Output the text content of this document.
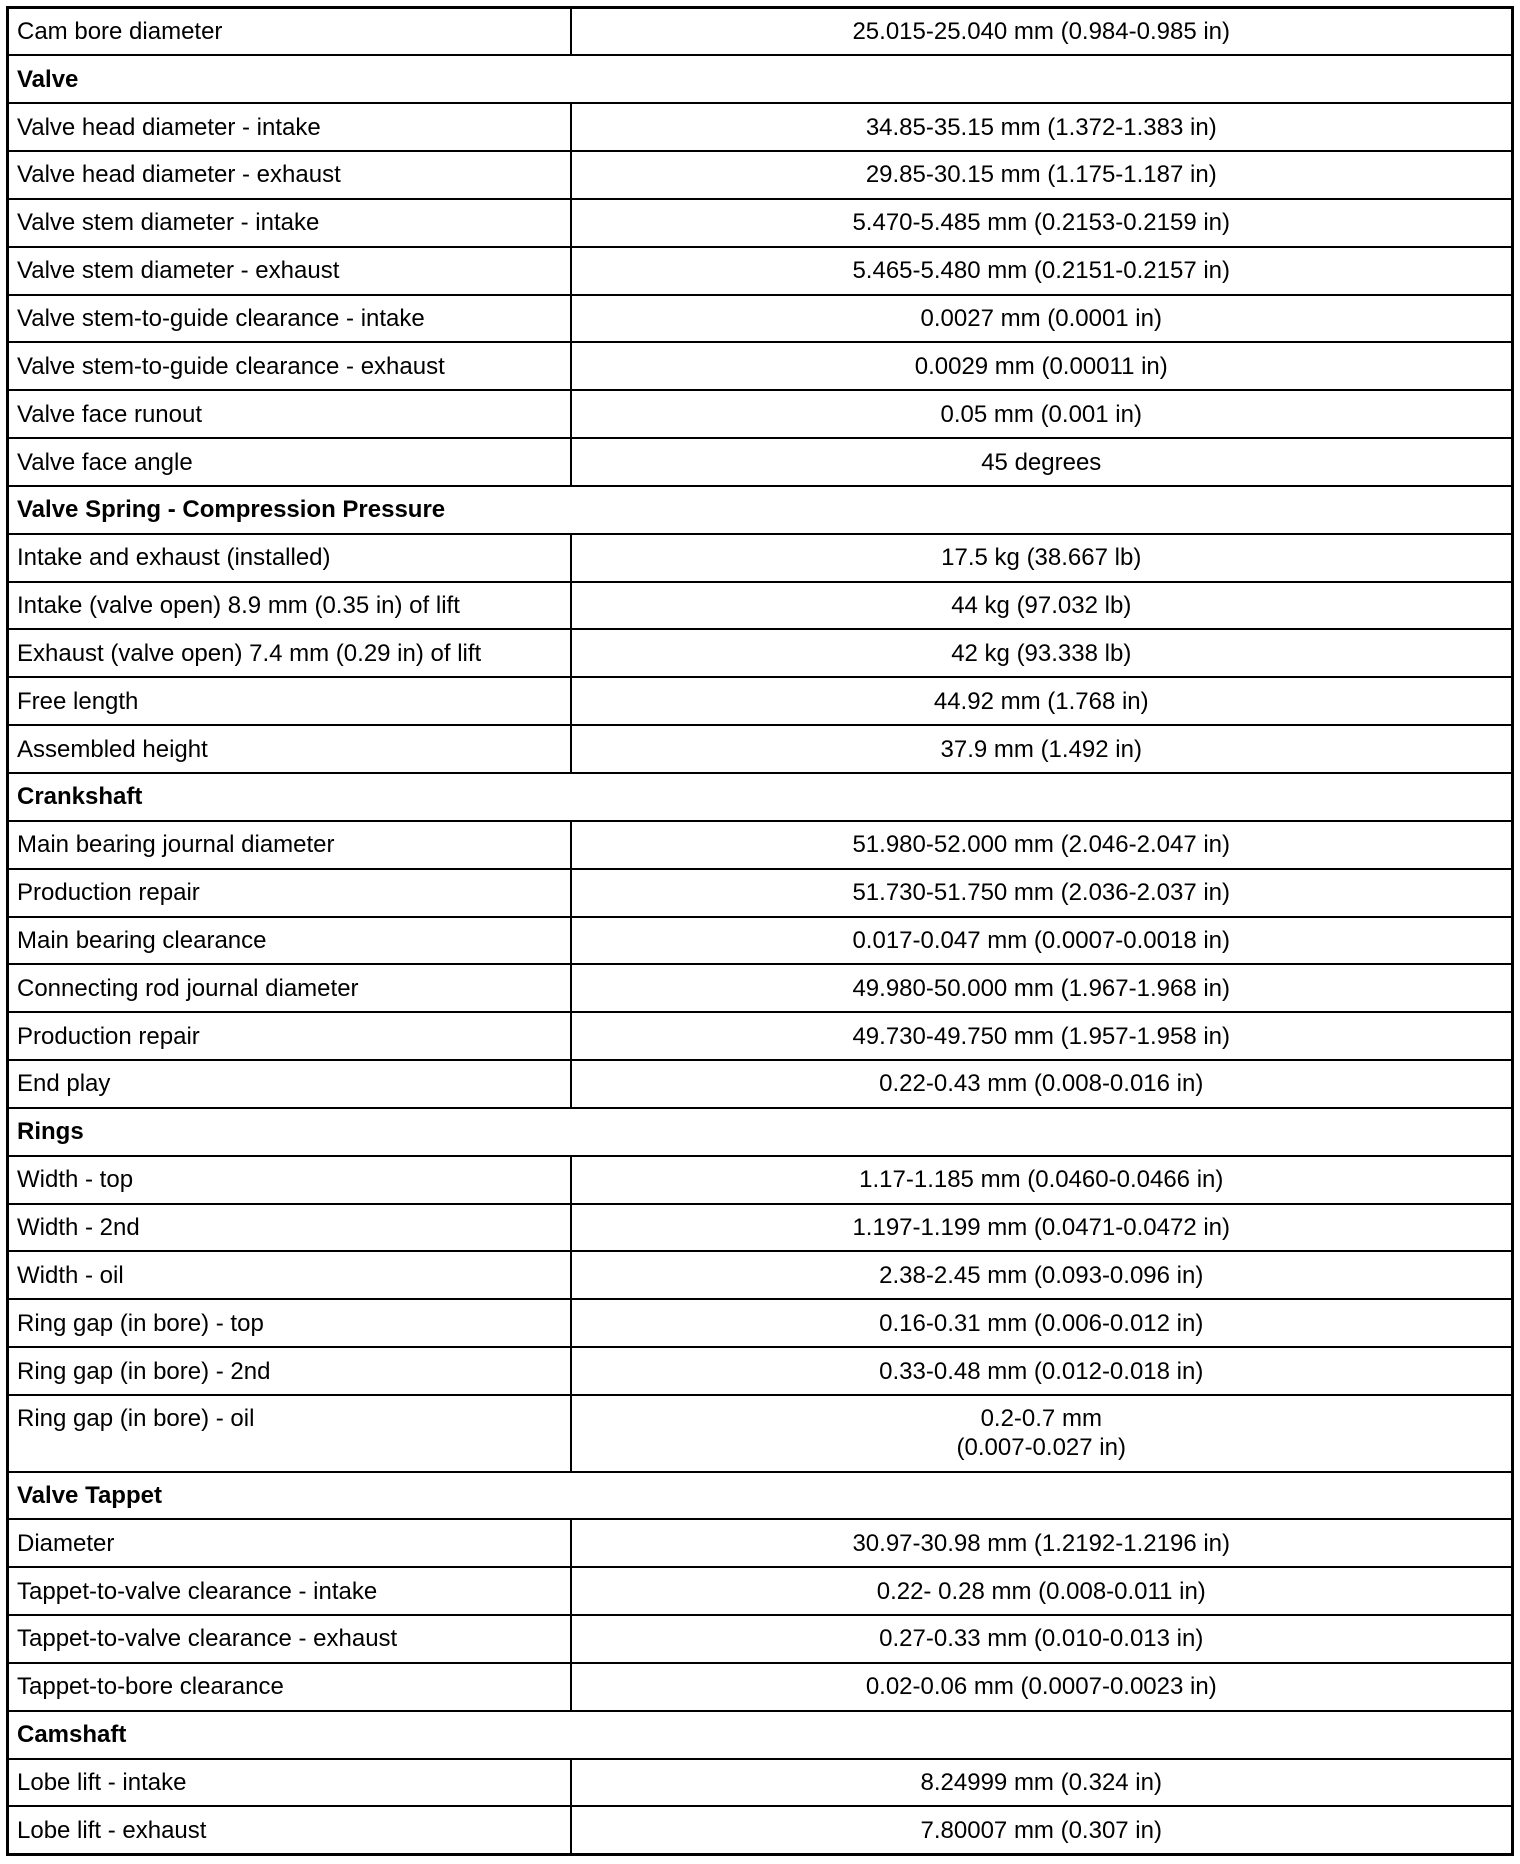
Cam bore diameter	25.015-25.040 mm (0.984-0.985 in)
Valve	
Valve head diameter - intake	34.85-35.15 mm (1.372-1.383 in)
Valve head diameter - exhaust	29.85-30.15 mm (1.175-1.187 in)
Valve stem diameter - intake	5.470-5.485 mm (0.2153-0.2159 in)
Valve stem diameter - exhaust	5.465-5.480 mm (0.2151-0.2157 in)
Valve stem-to-guide clearance - intake	0.0027 mm (0.0001 in)
Valve stem-to-guide clearance - exhaust	0.0029 mm (0.00011 in)
Valve face runout	0.05 mm (0.001 in)
Valve face angle	45 degrees
Valve Spring - Compression Pressure	
Intake and exhaust (installed)	17.5 kg (38.667 lb)
Intake (valve open) 8.9 mm (0.35 in) of lift	44 kg (97.032 lb)
Exhaust (valve open) 7.4 mm (0.29 in) of lift	42 kg (93.338 lb)
Free length	44.92 mm (1.768 in)
Assembled height	37.9 mm (1.492 in)
Crankshaft	
Main bearing journal diameter	51.980-52.000 mm (2.046-2.047 in)
Production repair	51.730-51.750 mm (2.036-2.037 in)
Main bearing clearance	0.017-0.047 mm (0.0007-0.0018 in)
Connecting rod journal diameter	49.980-50.000 mm (1.967-1.968 in)
Production repair	49.730-49.750 mm (1.957-1.958 in)
End play	0.22-0.43 mm (0.008-0.016 in)
Rings	
Width - top	1.17-1.185 mm (0.0460-0.0466 in)
Width - 2nd	1.197-1.199 mm (0.0471-0.0472 in)
Width - oil	2.38-2.45 mm (0.093-0.096 in)
Ring gap (in bore) - top	0.16-0.31 mm (0.006-0.012 in)
Ring gap (in bore) - 2nd	0.33-0.48 mm (0.012-0.018 in)
Ring gap (in bore) - oil	0.2-0.7 mm
(0.007-0.027 in)
Valve Tappet	
Diameter	30.97-30.98 mm (1.2192-1.2196 in)
Tappet-to-valve clearance - intake	0.22- 0.28 mm (0.008-0.011 in)
Tappet-to-valve clearance - exhaust	0.27-0.33 mm (0.010-0.013 in)
Tappet-to-bore clearance	0.02-0.06 mm (0.0007-0.0023 in)
Camshaft	
Lobe lift - intake	8.24999 mm (0.324 in)
Lobe lift - exhaust	7.80007 mm (0.307 in)
